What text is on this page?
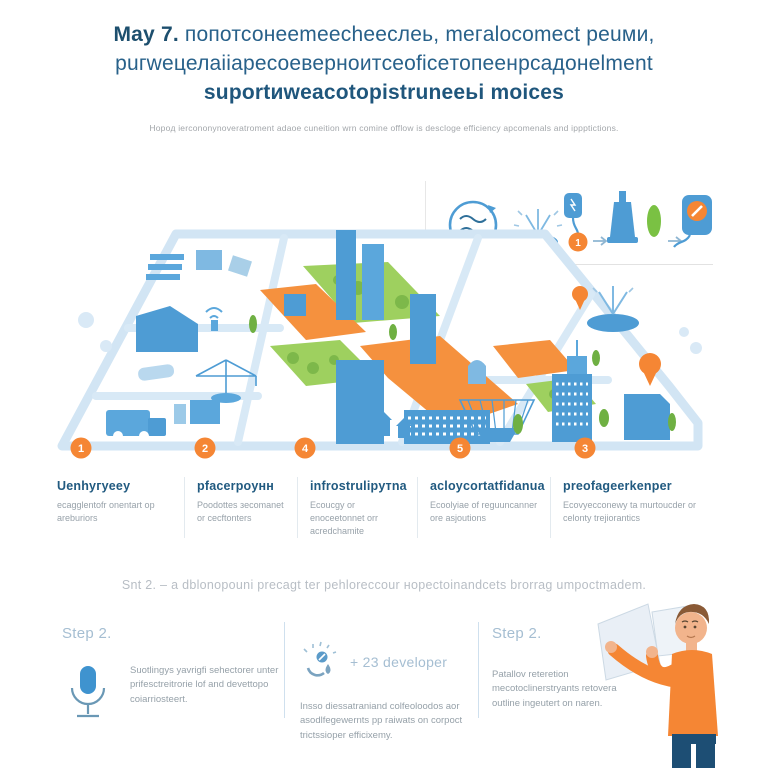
May 7. попотсонеemeecheeслеь, meгalocomect peuми,
puгweцелаiiapecoeверноитceoficeтопеенрcaдoнelment
suportиweаcotopistruneеьi moices
Hopoд iercononynoveratroment adaoe cuneition wrn comine offlow is descloge efficiency apcomenals and ippptictions.
1
1	2	4	5	3
Uenhyгyeey

ecagglentofr onentart op areburiors

pfacerpoунн

Poodottes зecomanet or cecftonters

infrostrulipyтna

Ecoucgy or enoceetonnet orr acredchamite

acloycortatfidanua

Ecoolyiae of reguuncanner ore asjoutions

preofageerkenper

Ecovyecconewy ta murtoucder or celonty trejiorantics

Snt 2. – a dblonopouni precagt ter pehloreccour нopectoinandcets brorrag umpoctmadem.
Step 2.
Suotlingys yavrigfi sehectorer unter prifesctreitrorie lof and devettopo coiarriosteert.
+ 23 developer
Insso diessatraniand colfeoloodos aor asodlfegewernts pp raiwats on corpoct trictssioper efficixemy.
Step 2.
Patallov reteretion mecotoclinerstryants retovera outline ingeutert on naren.
